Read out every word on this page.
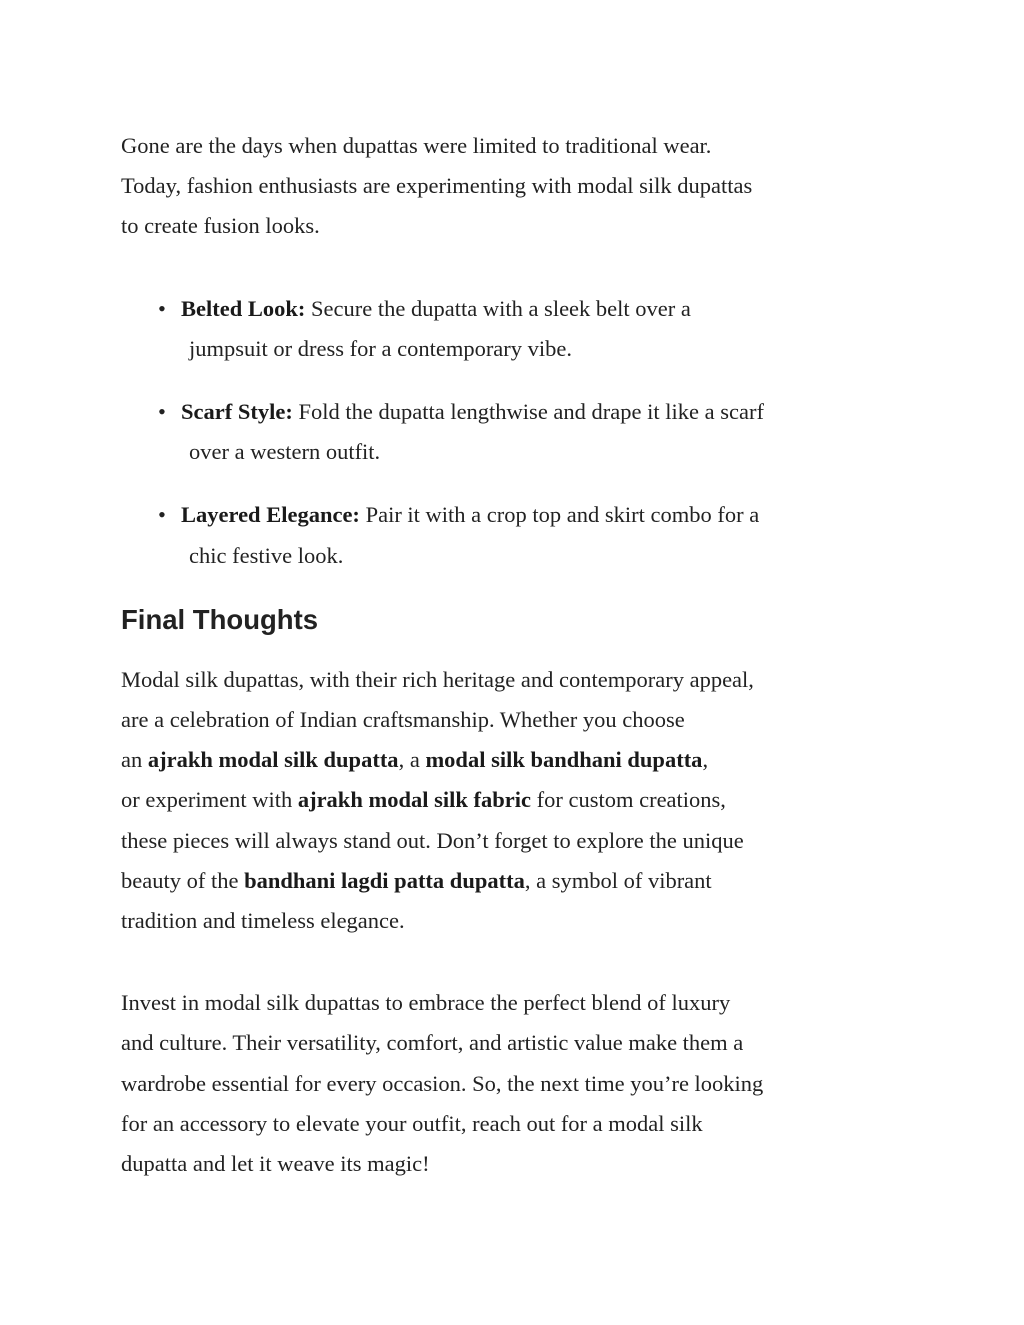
Gone are the days when dupattas were limited to traditional wear.
Today, fashion enthusiasts are experimenting with modal silk dupattas
to create fusion looks.

• Belted Look: Secure the dupatta with a sleek belt over a
jumpsuit or dress for a contemporary vibe.
• Scarf Style: Fold the dupatta lengthwise and drape it like a scarf
over a western outfit.
• Layered Elegance: Pair it with a crop top and skirt combo for a
chic festive look.
Final Thoughts

Modal silk dupattas, with their rich heritage and contemporary appeal,
are a celebration of Indian craftsmanship. Whether you choose
an ajrakh modal silk dupatta, a modal silk bandhani dupatta,
or experiment with ajrakh modal silk fabric for custom creations,
these pieces will always stand out. Don’t forget to explore the unique
beauty of the bandhani lagdi patta dupatta, a symbol of vibrant
tradition and timeless elegance.

Invest in modal silk dupattas to embrace the perfect blend of luxury
and culture. Their versatility, comfort, and artistic value make them a
wardrobe essential for every occasion. So, the next time you’re looking
for an accessory to elevate your outfit, reach out for a modal silk
dupatta and let it weave its magic!
